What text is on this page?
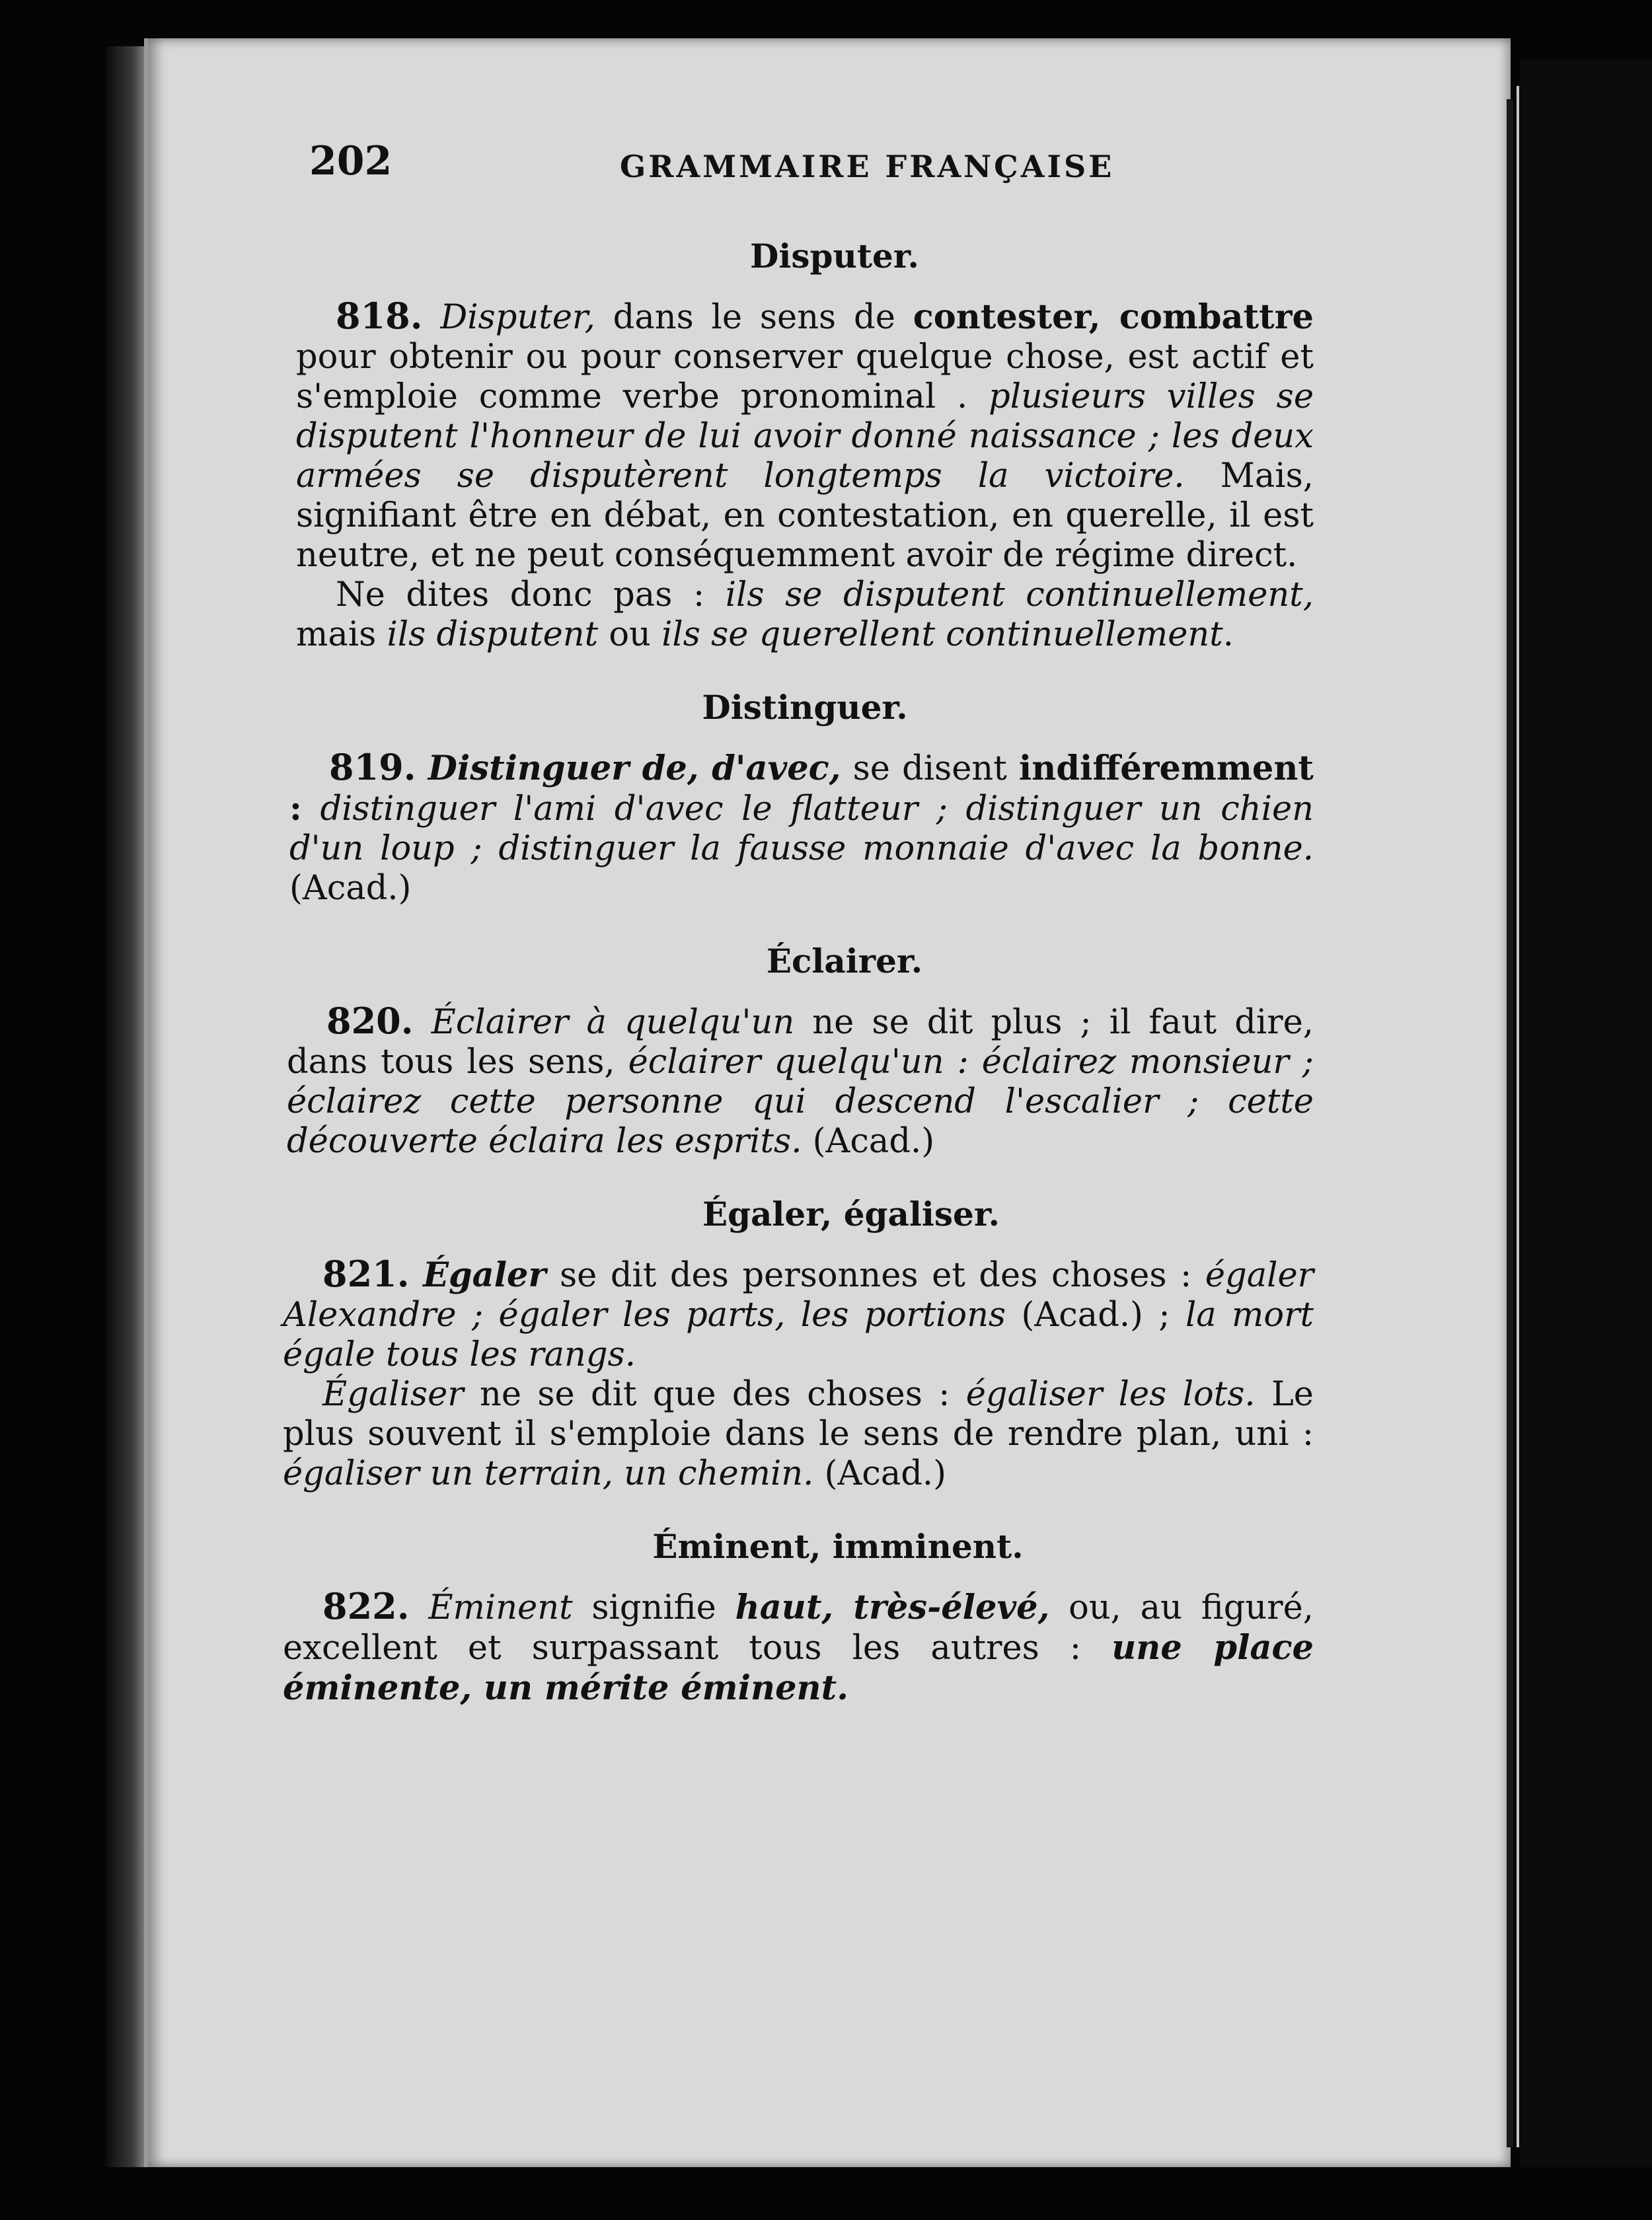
202	GRAMMAIRE FRANÇAISE

Disputer.

818. Disputer, dans le sens de contester, combattre pour obtenir ou pour conserver quelque chose, est actif et s'emploie comme verbe pronominal . plusieurs villes se disputent l'honneur de lui avoir donné naissance ; les deux armées se disputèrent longtemps la victoire. Mais, signifiant être en débat, en contestation, en querelle, il est neutre, et ne peut conséquemment avoir de régime direct.

Ne dites donc pas : ils se disputent continuellement, mais ils disputent ou ils se querellent continuellement.

Distinguer.

819. Distinguer de, d'avec, se disent indifféremment : distinguer l'ami d'avec le flatteur ; distinguer un chien d'un loup ; distinguer la fausse monnaie d'avec la bonne. (Acad.)

Éclairer.

820. Éclairer à quelqu'un ne se dit plus ; il faut dire, dans tous les sens, éclairer quelqu'un : éclairez monsieur ; éclairez cette personne qui descend l'escalier ; cette découverte éclaira les esprits. (Acad.)

Égaler, égaliser.

821. Égaler se dit des personnes et des choses : égaler Alexandre ; égaler les parts, les portions (Acad.) ; la mort égale tous les rangs.

Égaliser ne se dit que des choses : égaliser les lots. Le plus souvent il s'emploie dans le sens de rendre plan, uni : égaliser un terrain, un chemin. (Acad.)

Éminent, imminent.

822. Éminent signifie haut, très-élevé, ou, au figuré, excellent et surpassant tous les autres : une place éminente, un mérite éminent.
